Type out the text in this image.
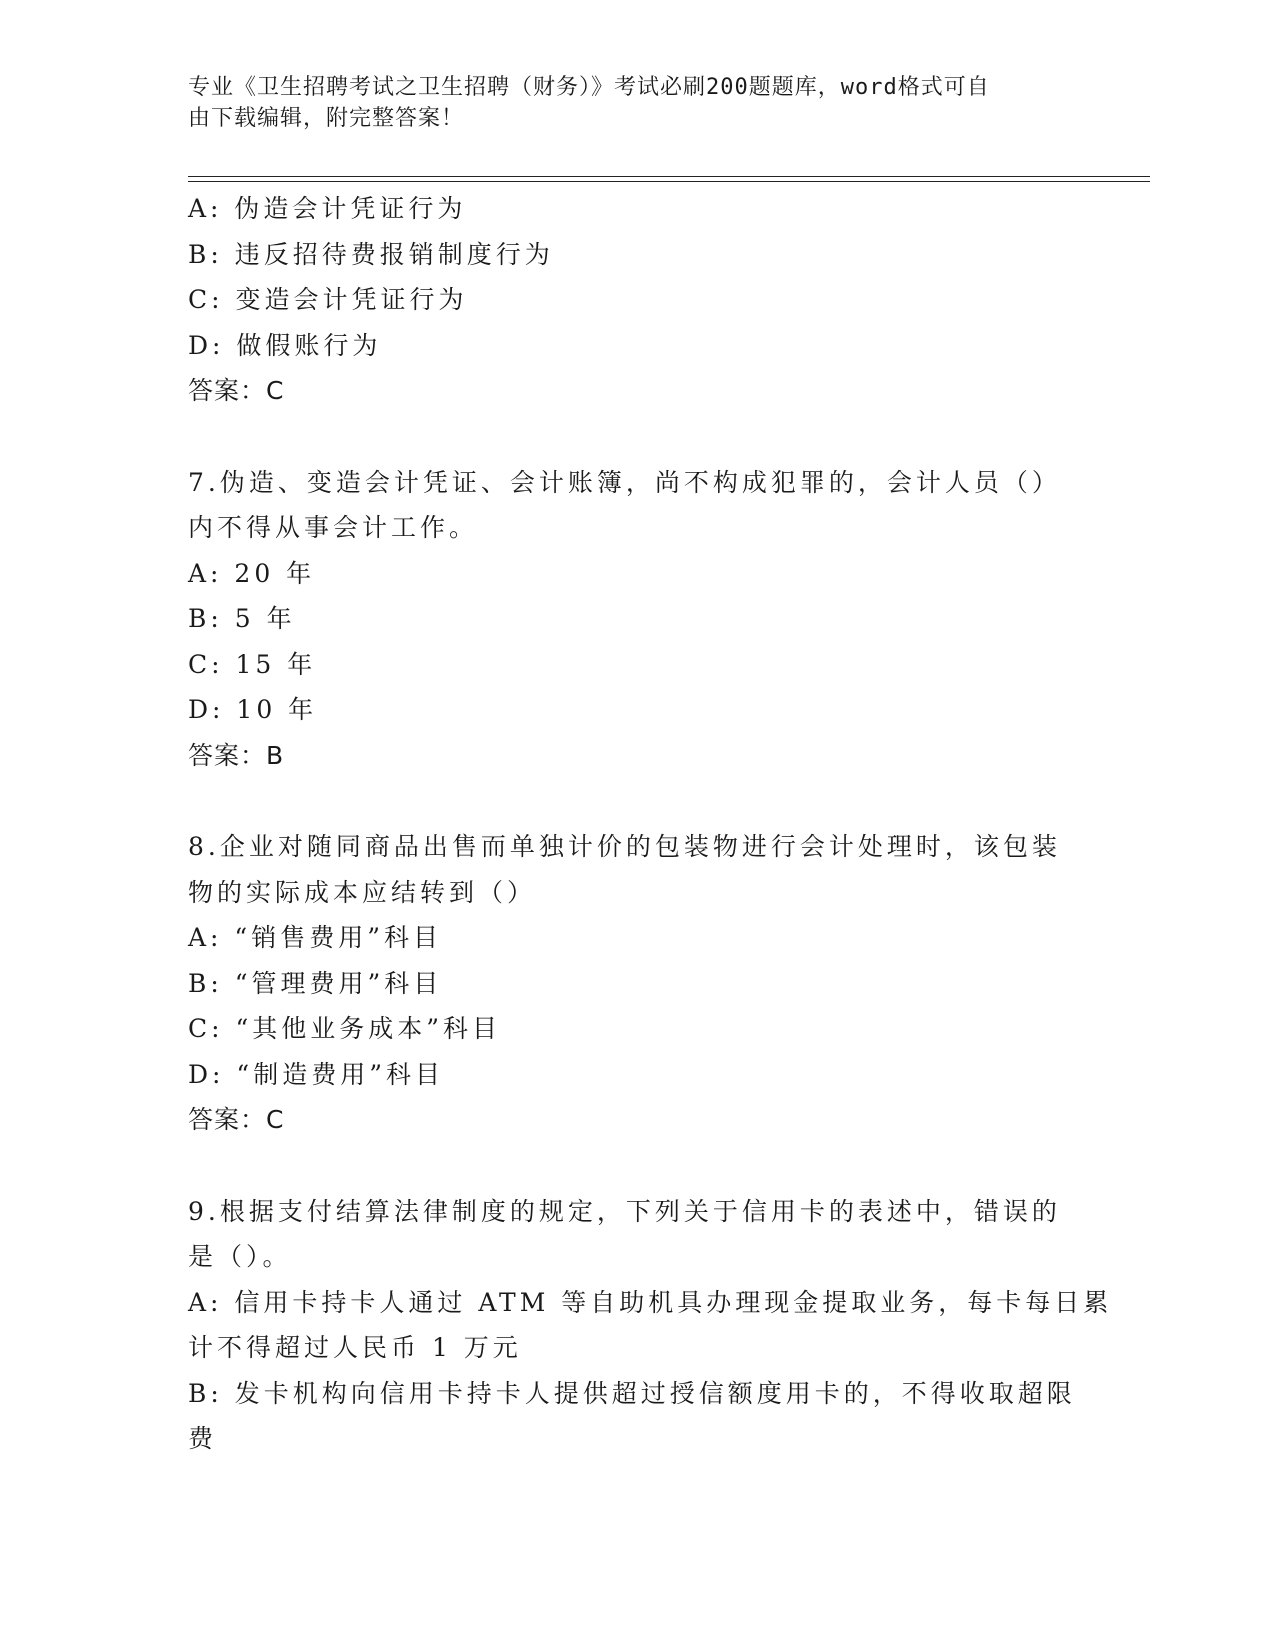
专业《卫生招聘考试之卫生招聘（财务）》考试必刷200题题库，word格式可自
由下载编辑，附完整答案！
A: 伪造会计凭证行为
B: 违反招待费报销制度行为
C: 变造会计凭证行为
D: 做假账行为
答案：C
7.伪造、变造会计凭证、会计账簿，尚不构成犯罪的，会计人员（）
内不得从事会计工作。
A: 20 年
B: 5 年
C: 15 年
D: 10 年
答案：B
8.企业对随同商品出售而单独计价的包装物进行会计处理时，该包装
物的实际成本应结转到（）
A: “销售费用”科目
B: “管理费用”科目
C: “其他业务成本”科目
D: “制造费用”科目
答案：C
9.根据支付结算法律制度的规定，下列关于信用卡的表述中，错误的
是（）。
A: 信用卡持卡人通过 ATM 等自助机具办理现金提取业务，每卡每日累
计不得超过人民币 1 万元
B: 发卡机构向信用卡持卡人提供超过授信额度用卡的，不得收取超限
费
